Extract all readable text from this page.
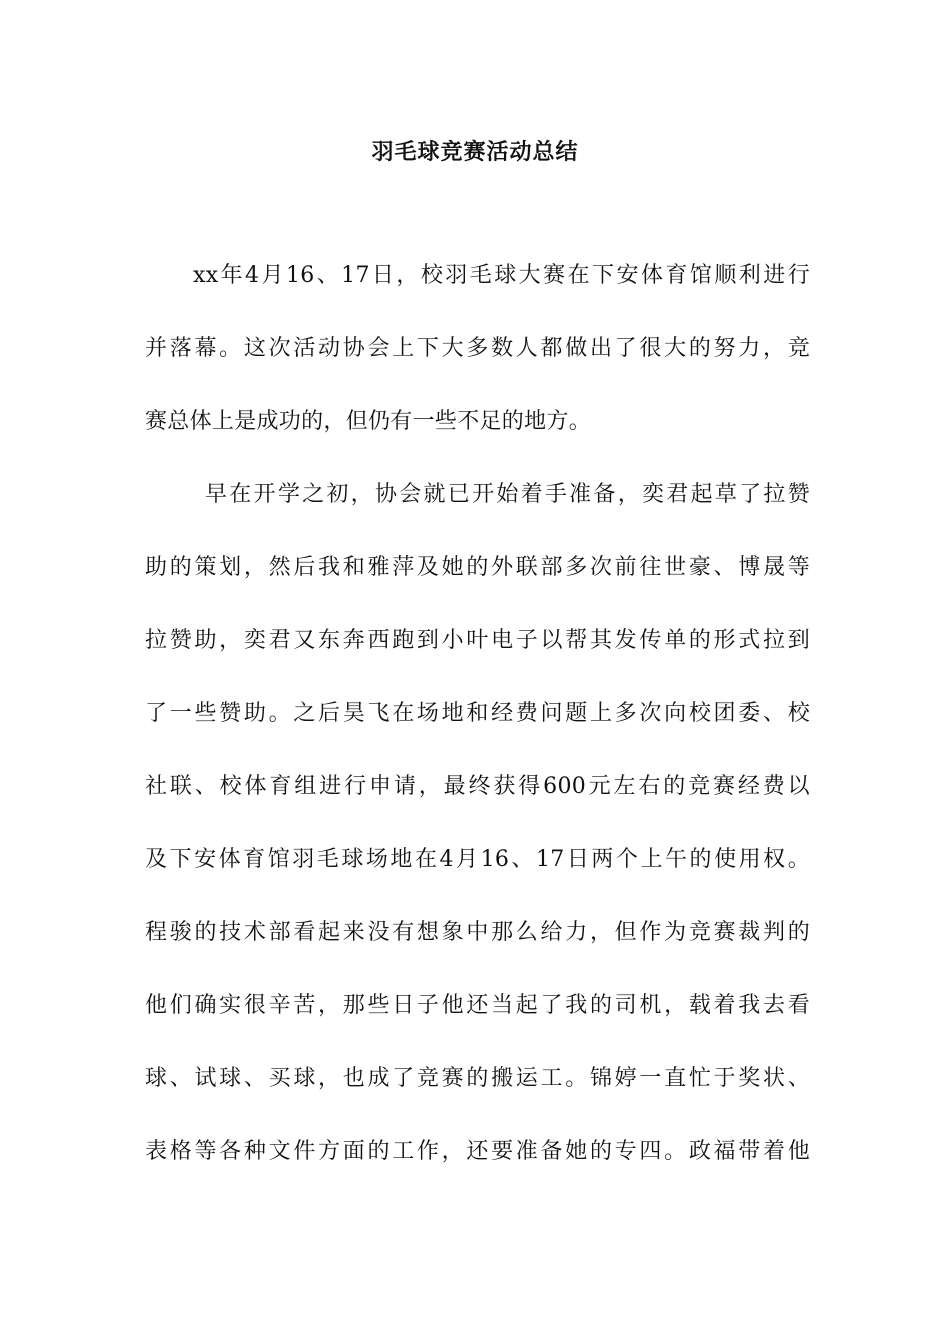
羽毛球竞赛活动总结
xx年4月16、17日，校羽毛球大赛在下安体育馆顺利进行
并落幕。这次活动协会上下大多数人都做出了很大的努力，竞
赛总体上是成功的，但仍有一些不足的地方。
早在开学之初，协会就已开始着手准备，奕君起草了拉赞
助的策划，然后我和雅萍及她的外联部多次前往世豪、博晟等
拉赞助，奕君又东奔西跑到小叶电子以帮其发传单的形式拉到
了一些赞助。之后昊飞在场地和经费问题上多次向校团委、校
社联、校体育组进行申请，最终获得600元左右的竞赛经费以
及下安体育馆羽毛球场地在4月16、17日两个上午的使用权。
程骏的技术部看起来没有想象中那么给力，但作为竞赛裁判的
他们确实很辛苦，那些日子他还当起了我的司机，载着我去看
球、试球、买球，也成了竞赛的搬运工。锦婷一直忙于奖状、
表格等各种文件方面的工作，还要准备她的专四。政福带着他
